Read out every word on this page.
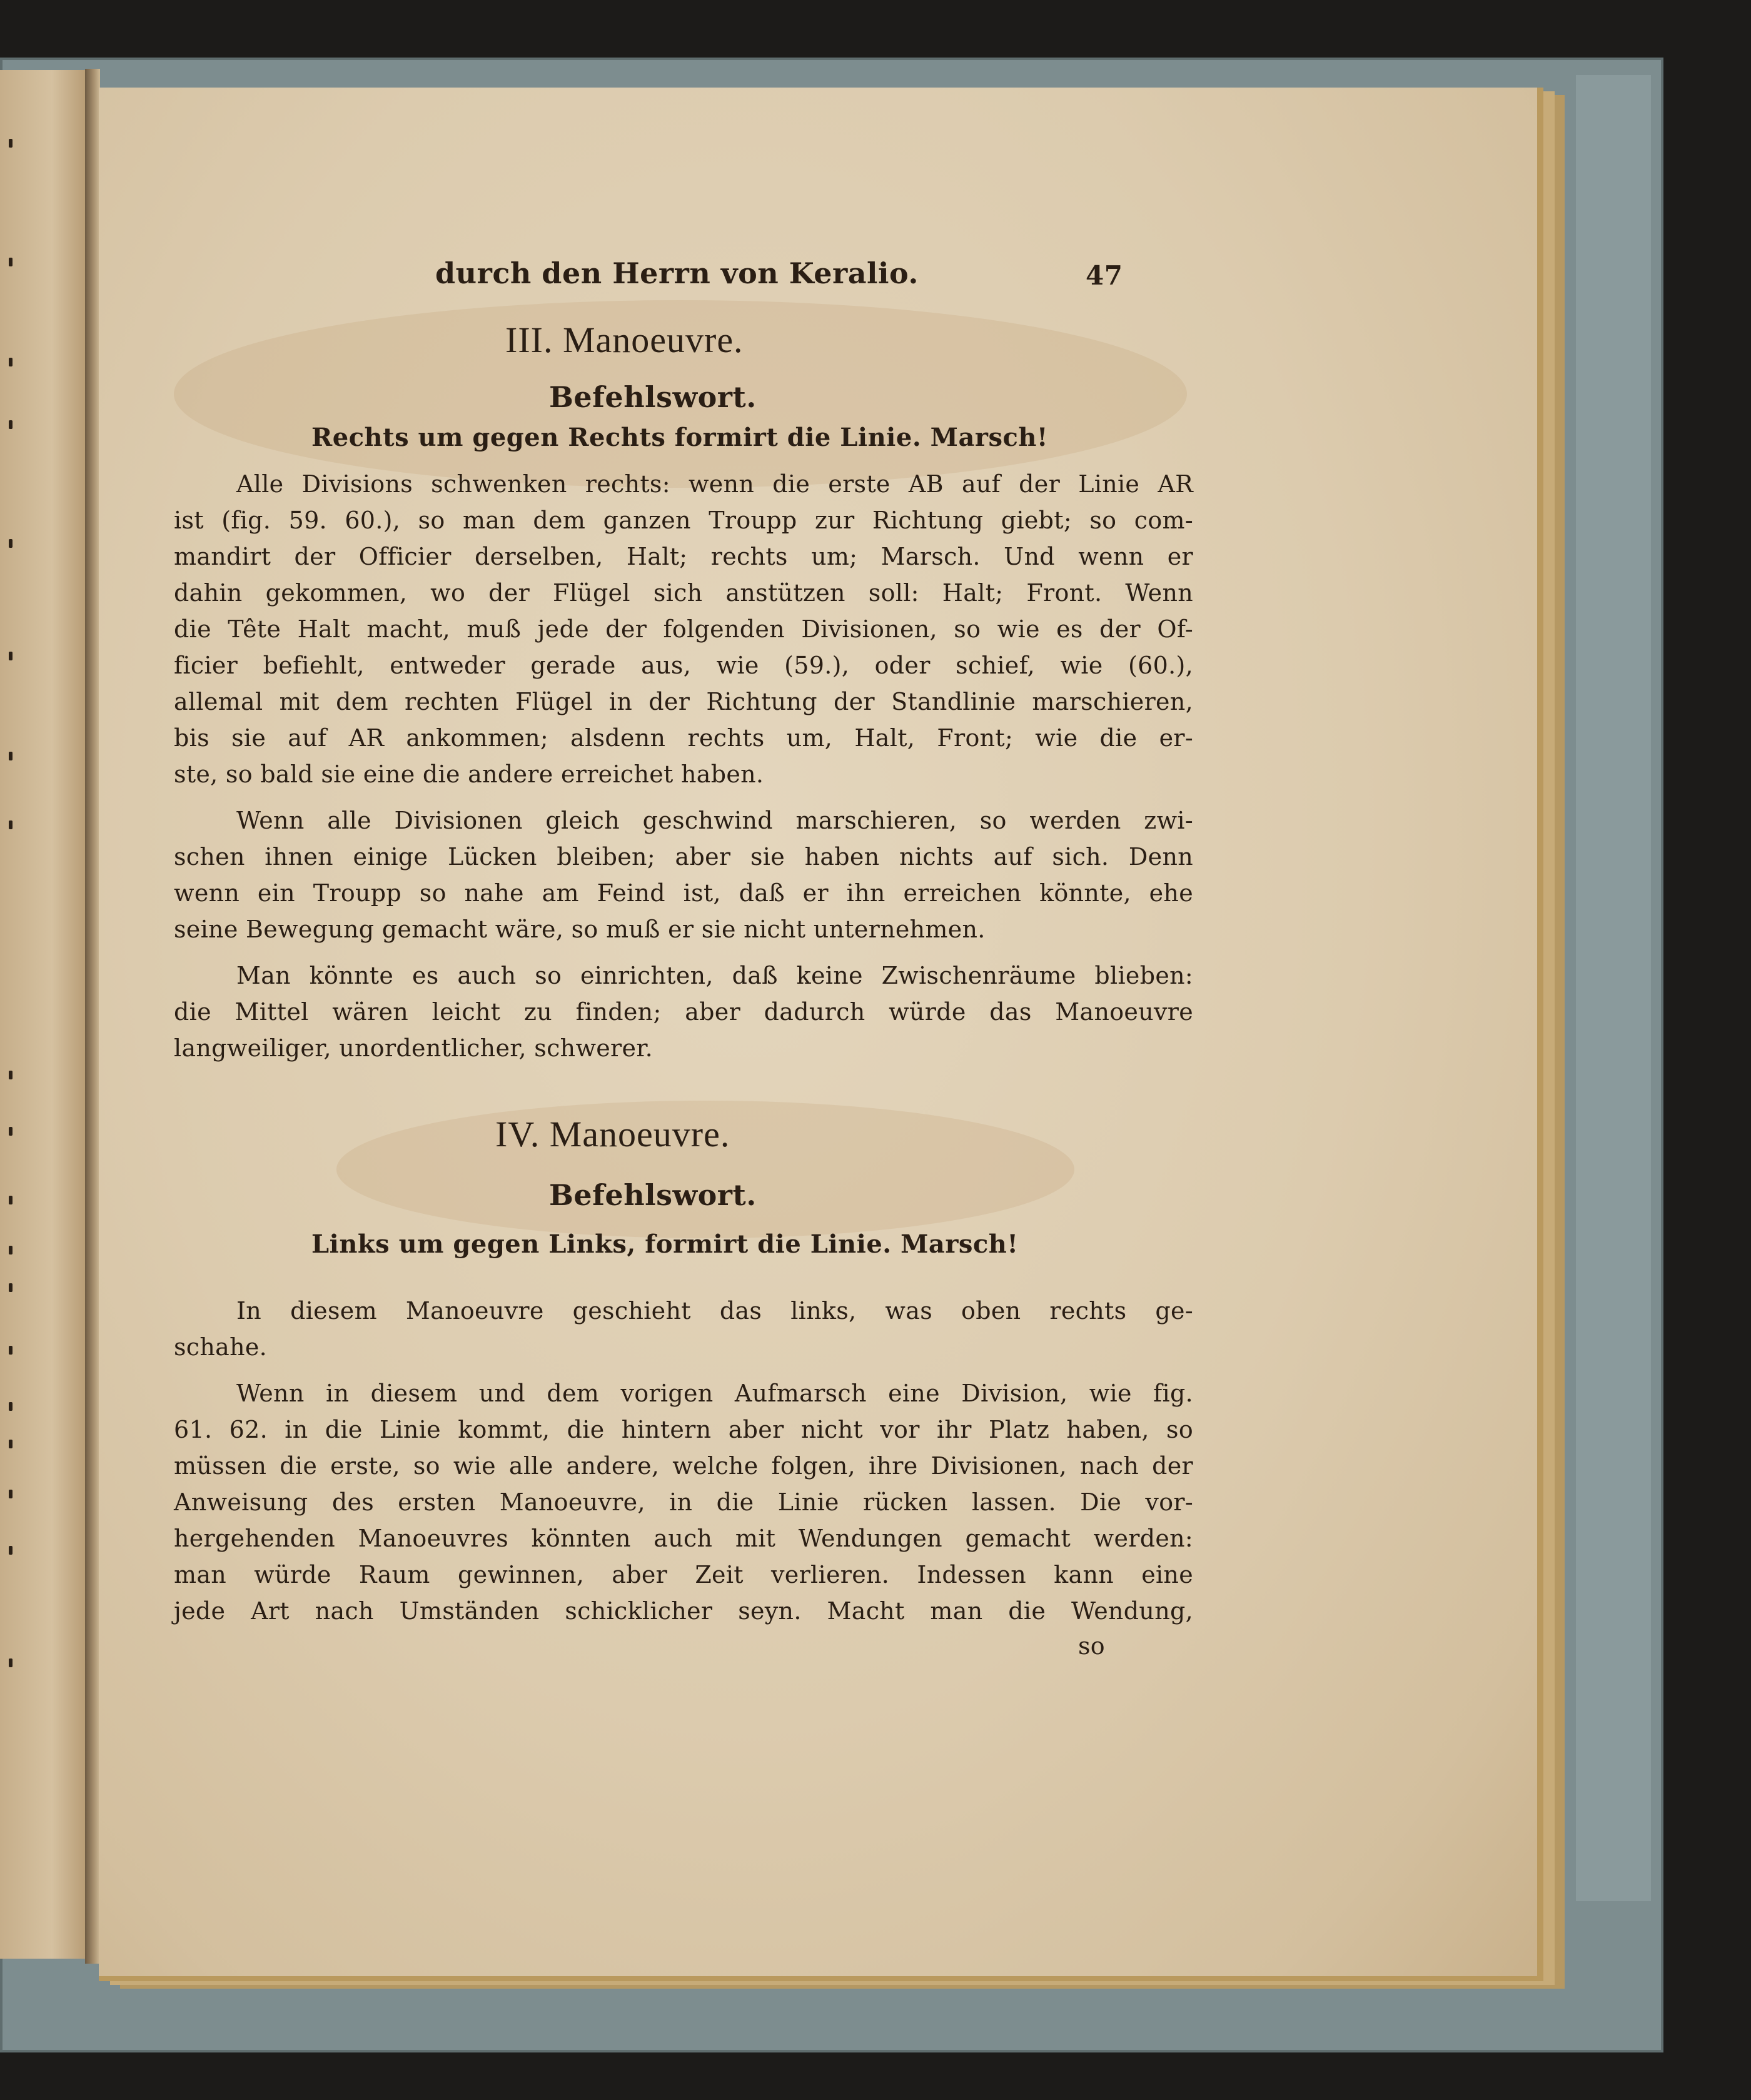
durch den Herrn von Keralio.	47
III. Manoeuvre.
Befehlswort.
Rechts um gegen Rechts formirt die Linie. Marsch!
Alle Divisions schwenken rechts: wenn die erste AB auf der Linie AR
ist (fig. 59. 60.), so man dem ganzen Troupp zur Richtung giebt; so com-
mandirt der Officier derselben, Halt; rechts um; Marsch. Und wenn er
dahin gekommen, wo der Flügel sich anstützen soll: Halt; Front. Wenn
die Tête Halt macht, muß jede der folgenden Divisionen, so wie es der Of-
ficier befiehlt, entweder gerade aus, wie (59.), oder schief, wie (60.),
allemal mit dem rechten Flügel in der Richtung der Standlinie marschieren,
bis sie auf AR ankommen; alsdenn rechts um, Halt, Front; wie die er-
ste, so bald sie eine die andere erreichet haben.
Wenn alle Divisionen gleich geschwind marschieren, so werden zwi-
schen ihnen einige Lücken bleiben; aber sie haben nichts auf sich. Denn
wenn ein Troupp so nahe am Feind ist, daß er ihn erreichen könnte, ehe
seine Bewegung gemacht wäre, so muß er sie nicht unternehmen.
Man könnte es auch so einrichten, daß keine Zwischenräume blieben:
die Mittel wären leicht zu finden; aber dadurch würde das Manoeuvre
langweiliger, unordentlicher, schwerer.
IV. Manoeuvre.
Befehlswort.
Links um gegen Links, formirt die Linie. Marsch!
In diesem Manoeuvre geschieht das links, was oben rechts ge-
schahe.
Wenn in diesem und dem vorigen Aufmarsch eine Division, wie fig.
61. 62. in die Linie kommt, die hintern aber nicht vor ihr Platz haben, so
müssen die erste, so wie alle andere, welche folgen, ihre Divisionen, nach der
Anweisung des ersten Manoeuvre, in die Linie rücken lassen. Die vor-
hergehenden Manoeuvres könnten auch mit Wendungen gemacht werden:
man würde Raum gewinnen, aber Zeit verlieren. Indessen kann eine
jede Art nach Umständen schicklicher seyn. Macht man die Wendung,
so
